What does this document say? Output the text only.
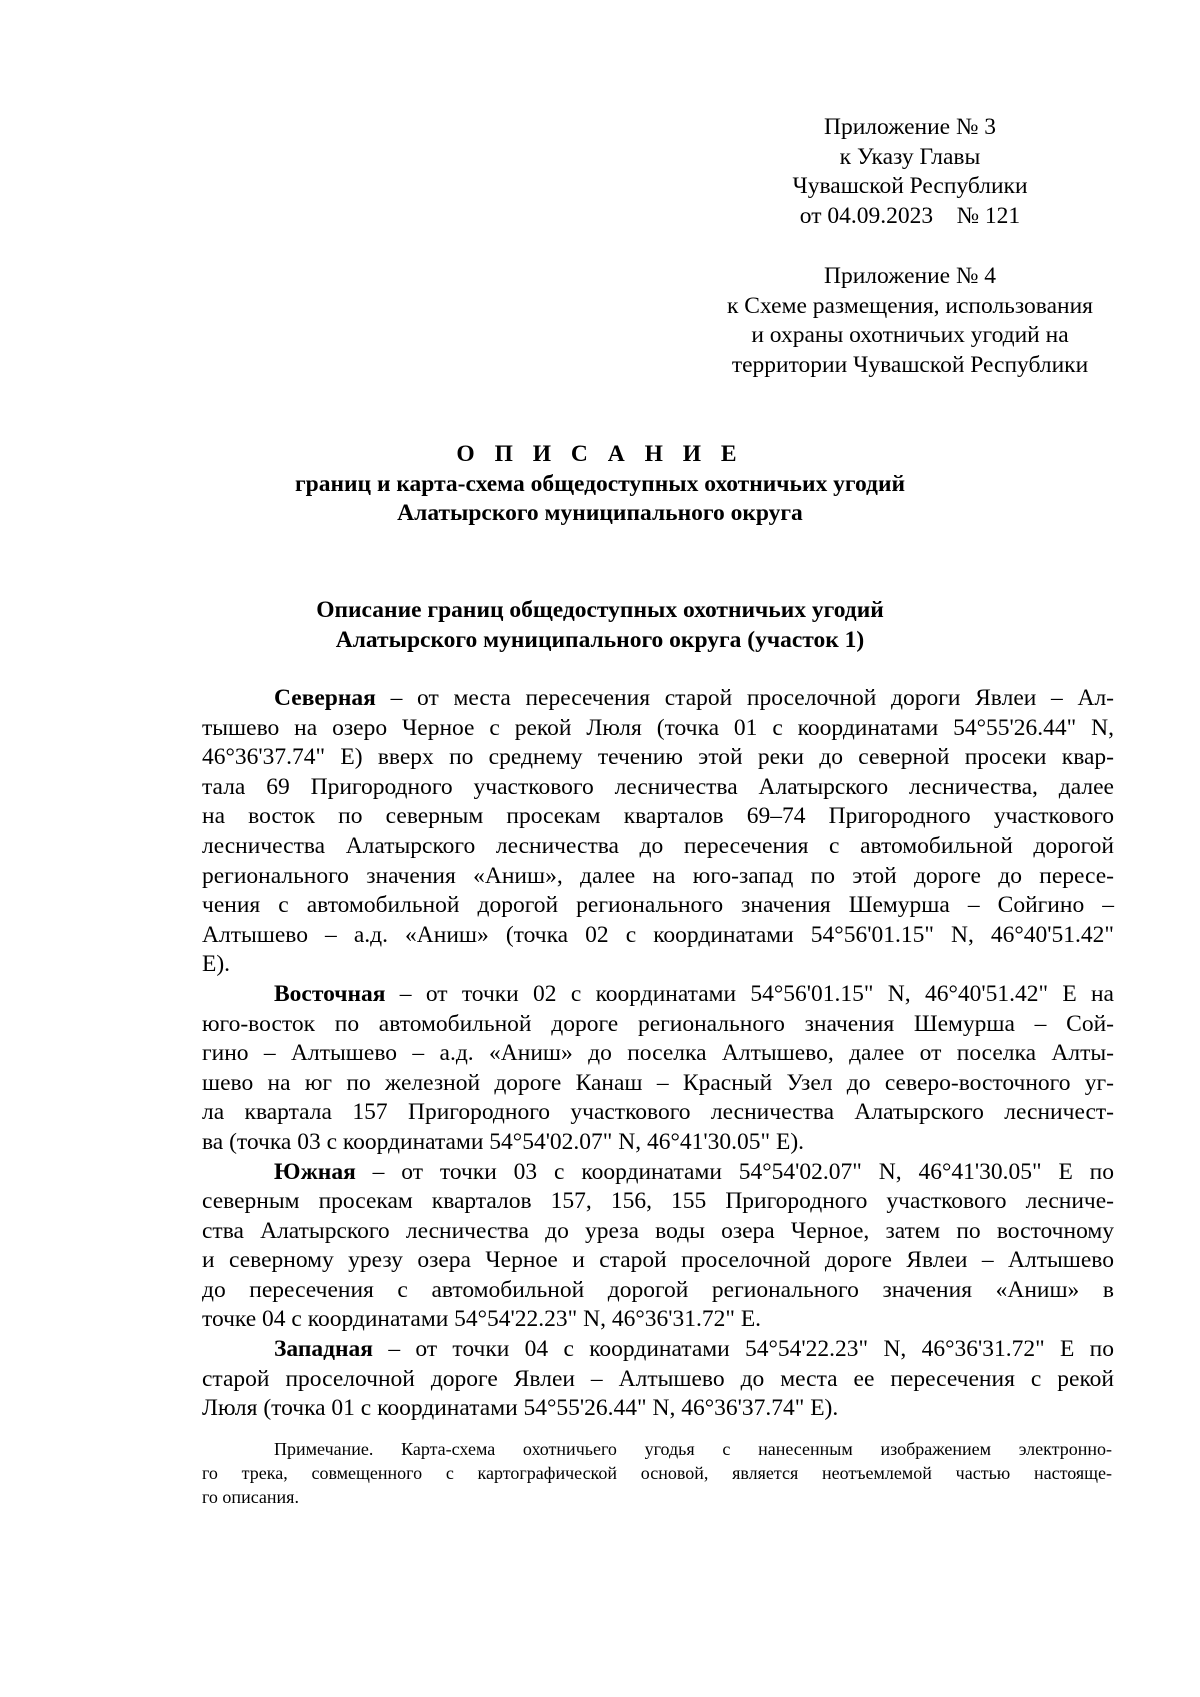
Приложение № 3
к Указу Главы
Чувашской Республики
от 04.09.2023    № 121
Приложение № 4
к Схеме размещения, использования
и охраны охотничьих угодий на
территории Чувашской Республики
О П И С А Н И Е
границ и карта-схема общедоступных охотничьих угодий
Алатырского муниципального округа
Описание границ общедоступных охотничьих угодий
Алатырского муниципального округа (участок 1)
Северная – от места пересечения старой проселочной дороги Явлеи – Ал-
тышево на озеро Черное с рекой Люля (точка 01 с координатами 54°55'26.44" N,
46°36'37.74" E) вверх по среднему течению этой реки до северной просеки квар-
тала 69 Пригородного участкового лесничества Алатырского лесничества, далее
на восток по северным просекам кварталов 69–74 Пригородного участкового
лесничества Алатырского лесничества до пересечения с автомобильной дорогой
регионального значения «Аниш», далее на юго-запад по этой дороге до пересе-
чения с автомобильной дорогой регионального значения Шемурша – Сойгино –
Алтышево – а.д. «Аниш» (точка 02 с координатами 54°56'01.15" N, 46°40'51.42"
E).
Восточная – от точки 02 с координатами 54°56'01.15" N, 46°40'51.42" E на
юго-восток по автомобильной дороге регионального значения Шемурша – Сой-
гино – Алтышево – а.д. «Аниш» до поселка Алтышево, далее от поселка Алты-
шево на юг по железной дороге Канаш – Красный Узел до северо-восточного уг-
ла квартала 157 Пригородного участкового лесничества Алатырского лесничест-
ва (точка 03 с координатами 54°54'02.07" N, 46°41'30.05" E).
Южная – от точки 03 с координатами 54°54'02.07" N, 46°41'30.05" E по
северным просекам кварталов 157, 156, 155 Пригородного участкового лесниче-
ства Алатырского лесничества до уреза воды озера Черное, затем по восточному
и северному урезу озера Черное и старой проселочной дороге Явлеи – Алтышево
до пересечения с автомобильной дорогой регионального значения «Аниш» в
точке 04 с координатами 54°54'22.23" N, 46°36'31.72" E.
Западная – от точки 04 с координатами 54°54'22.23" N, 46°36'31.72" E по
старой проселочной дороге Явлеи – Алтышево до места ее пересечения с рекой
Люля (точка 01 с координатами 54°55'26.44" N, 46°36'37.74" E).
Примечание. Карта-схема охотничьего угодья с нанесенным изображением электронно-
го трека, совмещенного с картографической основой, является неотъемлемой частью настояще-
го описания.
